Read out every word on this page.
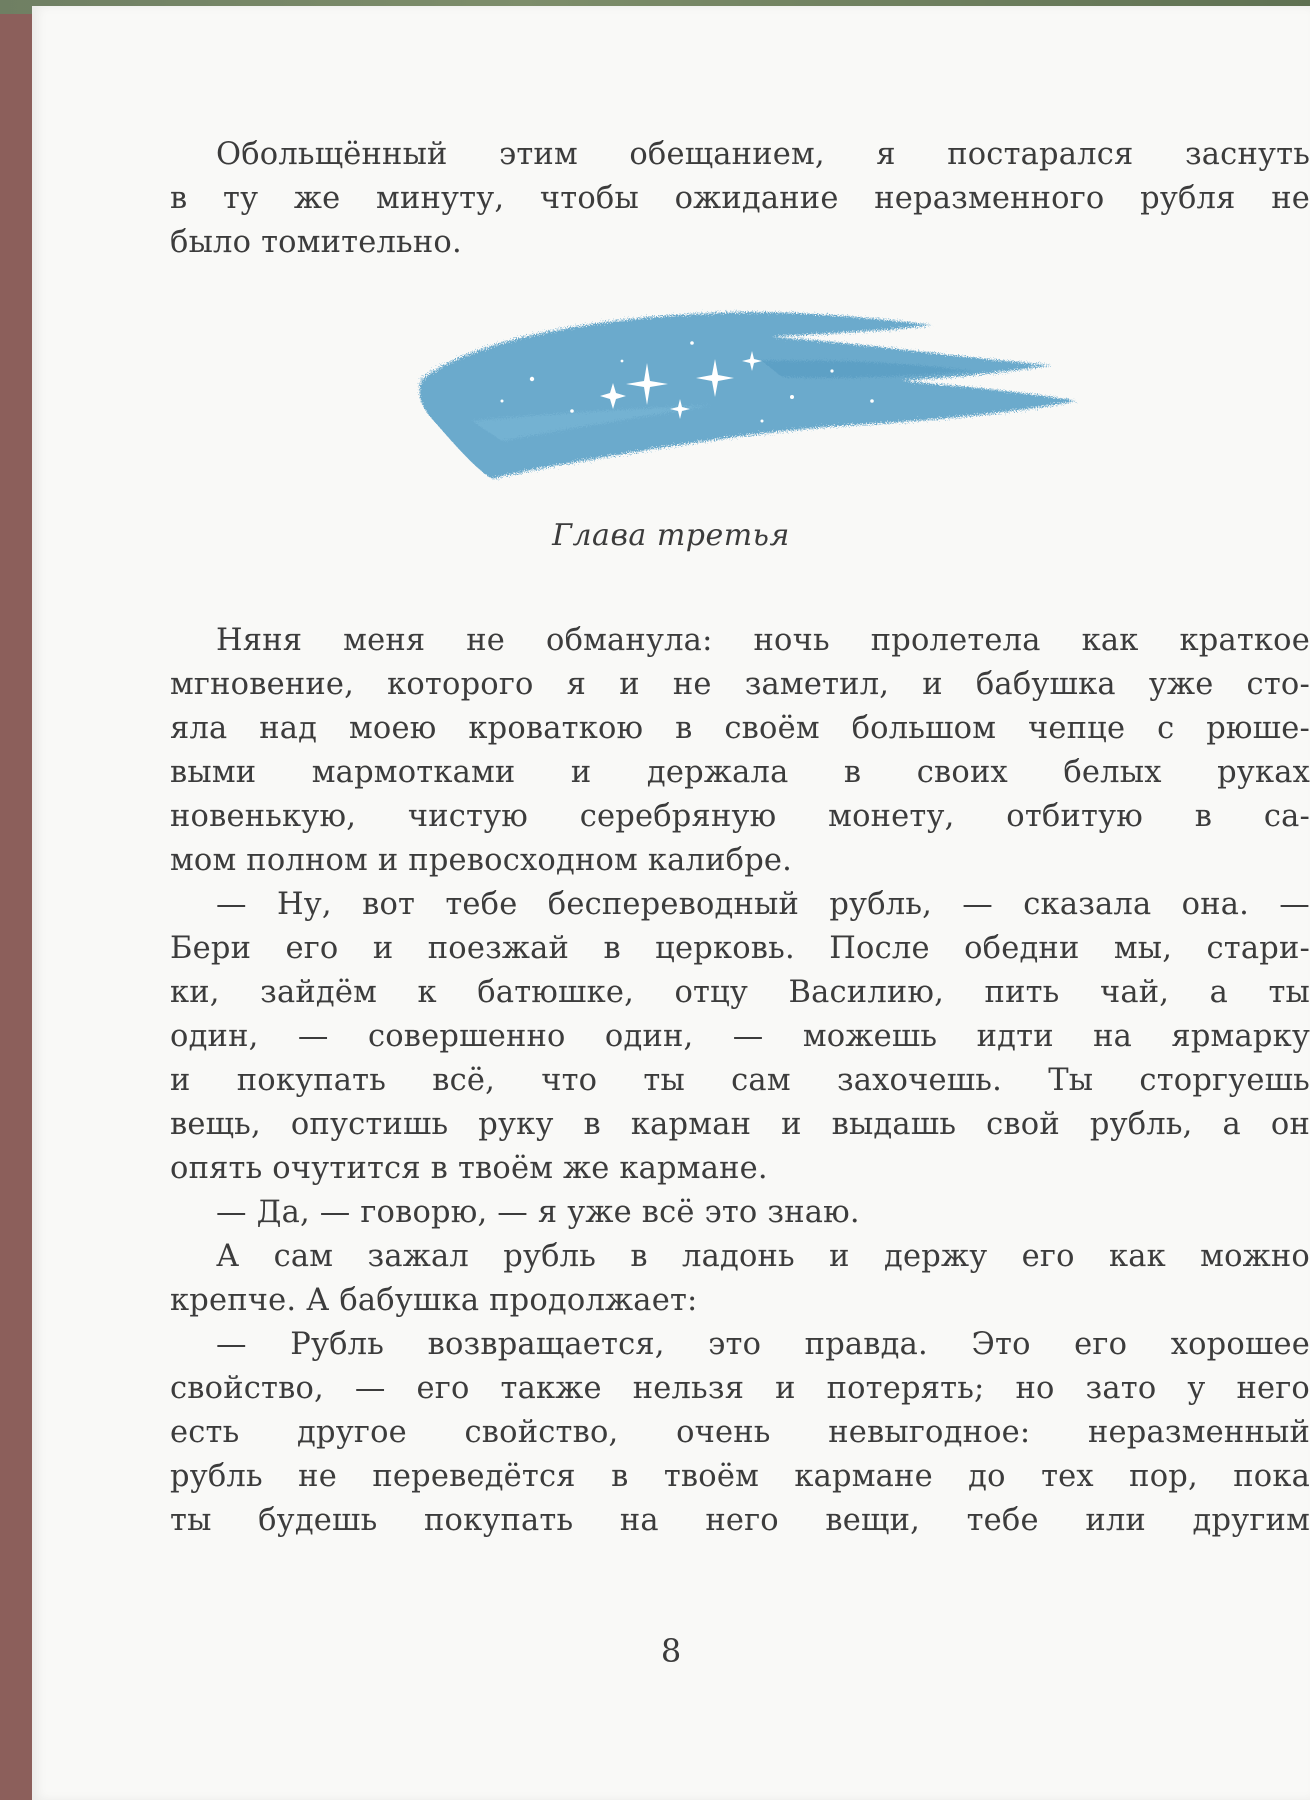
Обольщённый этим обещанием, я постарался заснуть
в ту же минуту, чтобы ожидание неразменного рубля не
было томительно.
Глава третья
Няня меня не обманула: ночь пролетела как краткое
мгновение, которого я и не заметил, и бабушка уже сто-
яла над моею кроваткою в своём большом чепце с рюше-
выми мармотками и держала в своих белых руках
новенькую, чистую серебряную монету, отбитую в са-
мом полном и превосходном калибре.
— Ну, вот тебе беспереводный рубль, — сказала она. —
Бери его и поезжай в церковь. После обедни мы, стари-
ки, зайдём к батюшке, отцу Василию, пить чай, а ты
один, — совершенно один, — можешь идти на ярмарку
и покупать всё, что ты сам захочешь. Ты сторгуешь
вещь, опустишь руку в карман и выдашь свой рубль, а он
опять очутится в твоём же кармане.
— Да, — говорю, — я уже всё это знаю.
А сам зажал рубль в ладонь и держу его как можно
крепче. А бабушка продолжает:
— Рубль возвращается, это правда. Это его хорошее
свойство, — его также нельзя и потерять; но зато у него
есть другое свойство, очень невыгодное: неразменный
рубль не переведётся в твоём кармане до тех пор, пока
ты будешь покупать на него вещи, тебе или другим
8
